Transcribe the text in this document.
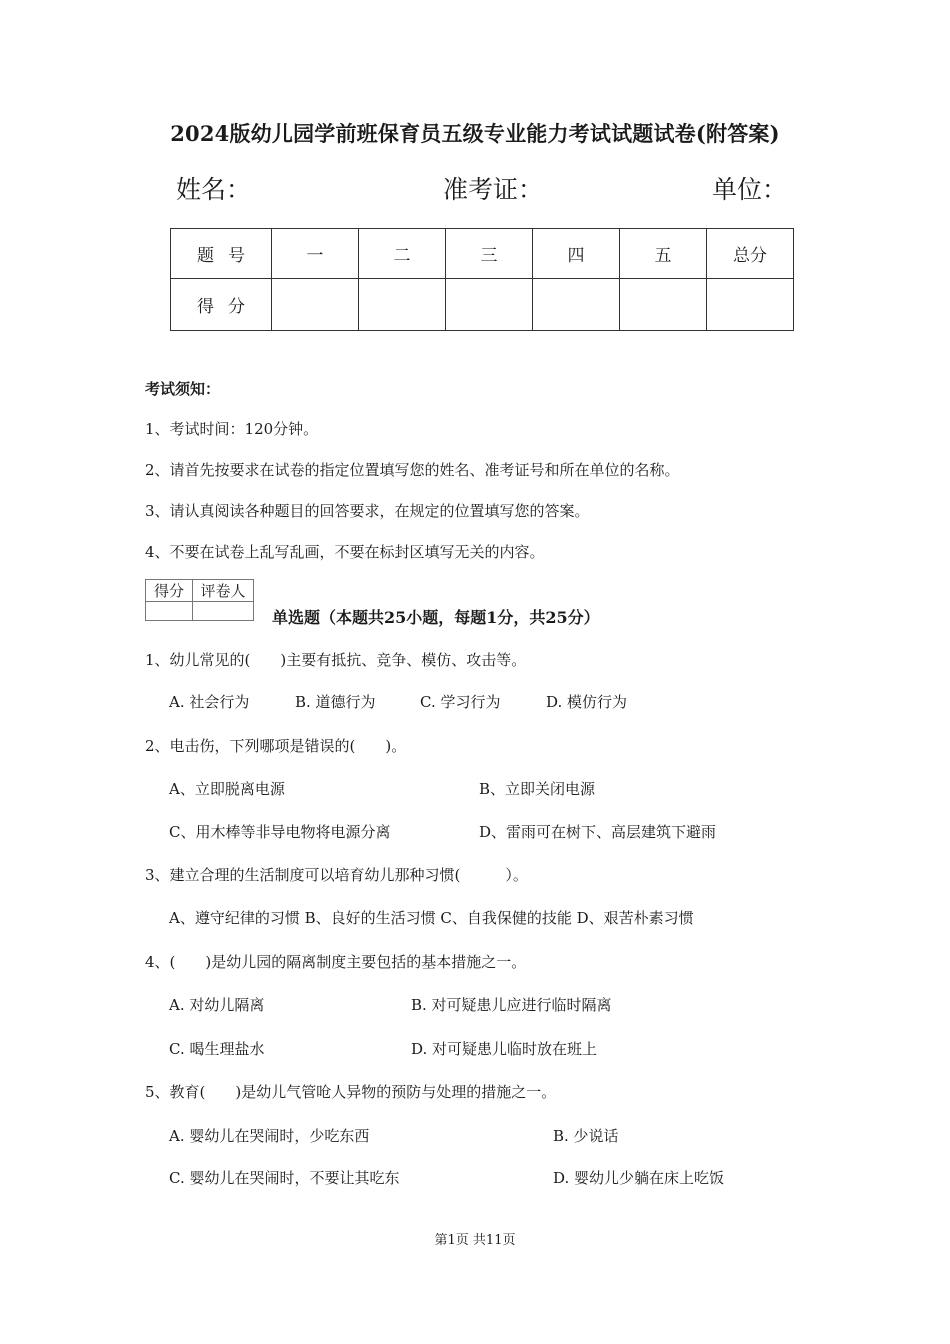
2024版幼儿园学前班保育员五级专业能力考试试题试卷(附答案)
姓名：	准考证：	单位：
题号	一	二	三	四	五	总分
得分						
考试须知：
1、考试时间：120分钟。
2、请首先按要求在试卷的指定位置填写您的姓名、准考证号和所在单位的名称。
3、请认真阅读各种题目的回答要求，在规定的位置填写您的答案。
4、不要在试卷上乱写乱画，不要在标封区填写无关的内容。
得分	评卷人

单选题（本题共25小题，每题1分，共25分）
1、幼儿常见的(　　)主要有抵抗、竞争、模仿、攻击等。
A. 社会行为	B. 道德行为	C. 学习行为	D. 模仿行为
2、电击伤，下列哪项是错误的(　　)。
A、立即脱离电源	B、立即关闭电源
C、用木棒等非导电物将电源分离	D、雷雨可在树下、高层建筑下避雨
3、建立合理的生活制度可以培育幼儿那种习惯(　　　）。
A、遵守纪律的习惯 B、良好的生活习惯 C、自我保健的技能 D、艰苦朴素习惯
4、(　　)是幼儿园的隔离制度主要包括的基本措施之一。
A. 对幼儿隔离	B. 对可疑患儿应进行临时隔离
C. 喝生理盐水	D. 对可疑患儿临时放在班上
5、教育(　　)是幼儿气管呛人异物的预防与处理的措施之一。
A. 婴幼儿在哭闹时，少吃东西	B. 少说话
C. 婴幼儿在哭闹时，不要让其吃东	D. 婴幼儿少躺在床上吃饭
第1页 共11页
